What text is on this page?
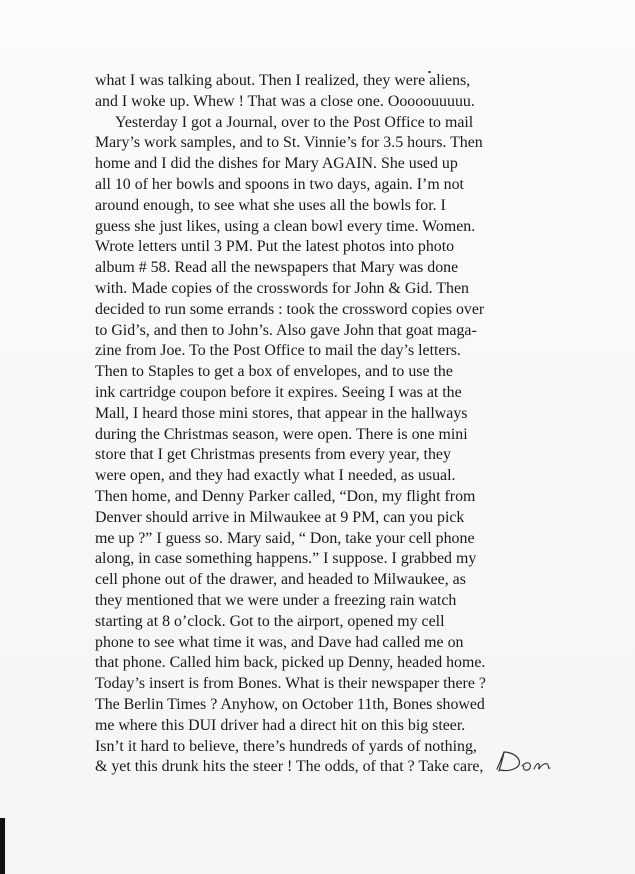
what I was talking about. Then I realized, they were aliens,
and I woke up. Whew ! That was a close one. Ooooouuuuu.
Yesterday I got a Journal, over to the Post Office to mail
Mary’s work samples, and to St. Vinnie’s for 3.5 hours. Then
home and I did the dishes for Mary AGAIN. She used up
all 10 of her bowls and spoons in two days, again. I’m not
around enough, to see what she uses all the bowls for. I
guess she just likes, using a clean bowl every time. Women.
Wrote letters until 3 PM. Put the latest photos into photo
album # 58. Read all the newspapers that Mary was done
with. Made copies of the crosswords for John & Gid. Then
decided to run some errands : took the crossword copies over
to Gid’s, and then to John’s. Also gave John that goat maga-
zine from Joe. To the Post Office to mail the day’s letters.
Then to Staples to get a box of envelopes, and to use the
ink cartridge coupon before it expires. Seeing I was at the
Mall, I heard those mini stores, that appear in the hallways
during the Christmas season, were open. There is one mini
store that I get Christmas presents from every year, they
were open, and they had exactly what I needed, as usual.
Then home, and Denny Parker called, “Don, my flight from
Denver should arrive in Milwaukee at 9 PM, can you pick
me up ?” I guess so. Mary said, “ Don, take your cell phone
along, in case something happens.” I suppose. I grabbed my
cell phone out of the drawer, and headed to Milwaukee, as
they mentioned that we were under a freezing rain watch
starting at 8 o’clock. Got to the airport, opened my cell
phone to see what time it was, and Dave had called me on
that phone. Called him back, picked up Denny, headed home.
Today’s insert is from Bones. What is their newspaper there ?
The Berlin Times ? Anyhow, on October 11th, Bones showed
me where this DUI driver had a direct hit on this big steer.
Isn’t it hard to believe, there’s hundreds of yards of nothing,
& yet this drunk hits the steer ! The odds, of that ? Take care,
